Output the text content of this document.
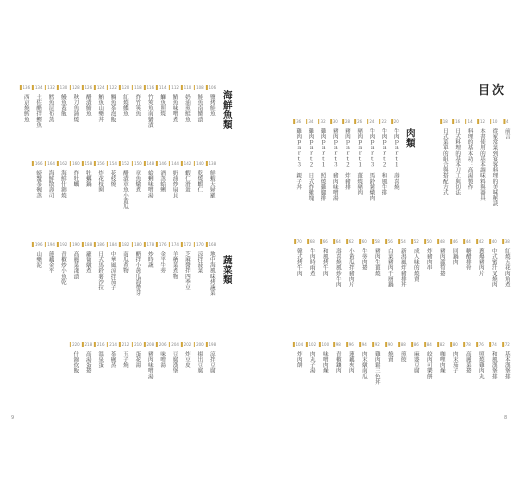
9
海鮮魚類
106
鹽烤鮭魚
108
鮭魚南蠻漬
110
奶油煎鮭魚
112
鯖魚味噌煮
114
鰤魚照燒
116
竹筴魚南蠻漬
118
炸竹筴魚
120
紅燒鰈魚
122
鯛魚茶泡飯
124
鮪魚山藥丼
126
醋漬鯖魚
128
秋刀魚蒲燒
130
鰻魚蓋飯
132
鱈魚昆布蒸
134
土佐醋拌鰹魚
136
西京燒鱈魚
138
鮮蝦天婦羅
140
乾燒蝦仁
142
蝦仁滑蛋
144
奶油炒扇貝
146
酒蒸蛤蜊
148
蛤蜊味噌湯
150
章魚燉煮
152
醋漬章魚小黃瓜
154
花枝燒
156
炸花枝圈
158
牡蠣鍋
160
炸牡蠣
162
海鮮什錦燒
164
海鮮散壽司
166
螃蟹茶碗蒸
蔬菜類
168
地中海風味烤蔬菜
170
涼拌菠菜
172
芝麻醬拌四季豆
174
羊栖菜煮物
176
金平牛蒡
178
炒時蔬
180
醋拌小黃瓜海帶芽
182
南瓜煮物
184
中華風涼拌茄子
186
日式馬鈴薯沙拉
188
蘿蔔燉煮
190
高麗菜淺漬
192
青椒炒小魚乾
194
蓮藕金平
196
山藥泥
198
涼拌豆腐
200
揚出豆腐
202
炸豆皮
204
豆腐漢堡
206
味噌湯
208
豬肉味噌湯
210
蛋花湯
212
玉子燒
214
茶碗蒸
216
溫泉蛋
218
高湯蛋捲
220
什錦炊飯
目次
8
4
前言
10
從家常菜到宴客料理的美味秘訣
12
本書使用的基本調味料與器具
14
料理的基本功：高湯製作
16
日式料理的基本刀工與切法
18
日式菜單的組合與搭配方式
肉類
20
牛肉ｐａｒｔ１　壽喜燒
22
牛肉ｐａｒｔ２　和風牛排
24
牛肉ｐａｒｔ３　馬鈴薯燉肉
26
豬肉ｐａｒｔ１　薑燒豬肉
28
豬肉ｐａｒｔ２　炸豬排
30
豬肉ｐａｒｔ３　豬肉味噌湯
32
雞肉ｐａｒｔ１　照燒雞腿排
34
雞肉ｐａｒｔ２　日式炸雞塊
36
雞肉ｐａｒｔ３　親子丼
38
紅燒五花肉角煮
40
中式蜜汁叉燒肉
42
蔥爆豬肉片
44
糖醋排骨
46
回鍋肉
48
豬肉蘆筍捲
50
炸豬肉串
52
成人味的燒賣
54
新潟風炸豬排丼
56
白菜豬肉千層鍋
58
豬肉生薑燒
60
牛蒡肉捲
62
小黃瓜拌豬肉片
64
壽喜燒風炒牛肉
66
和風烤牛肉
68
牛肉時雨煮
70
韓式烤牛肉
72
基本漢堡排
74
和風漢堡排
76
照燒雞肉丸
78
高麗菜捲
80
肉末茄子
82
咖哩肉燥
84
絞肉可樂餅
86
麻婆豆腐
88
煎餃
90
燒賣
92
雞肉鬆三色丼
94
肉末燉南瓜
96
蓮藕夾肉
98
青椒鑲肉
100
味噌肉燥
102
肉丸子湯
104
炸肉餅
